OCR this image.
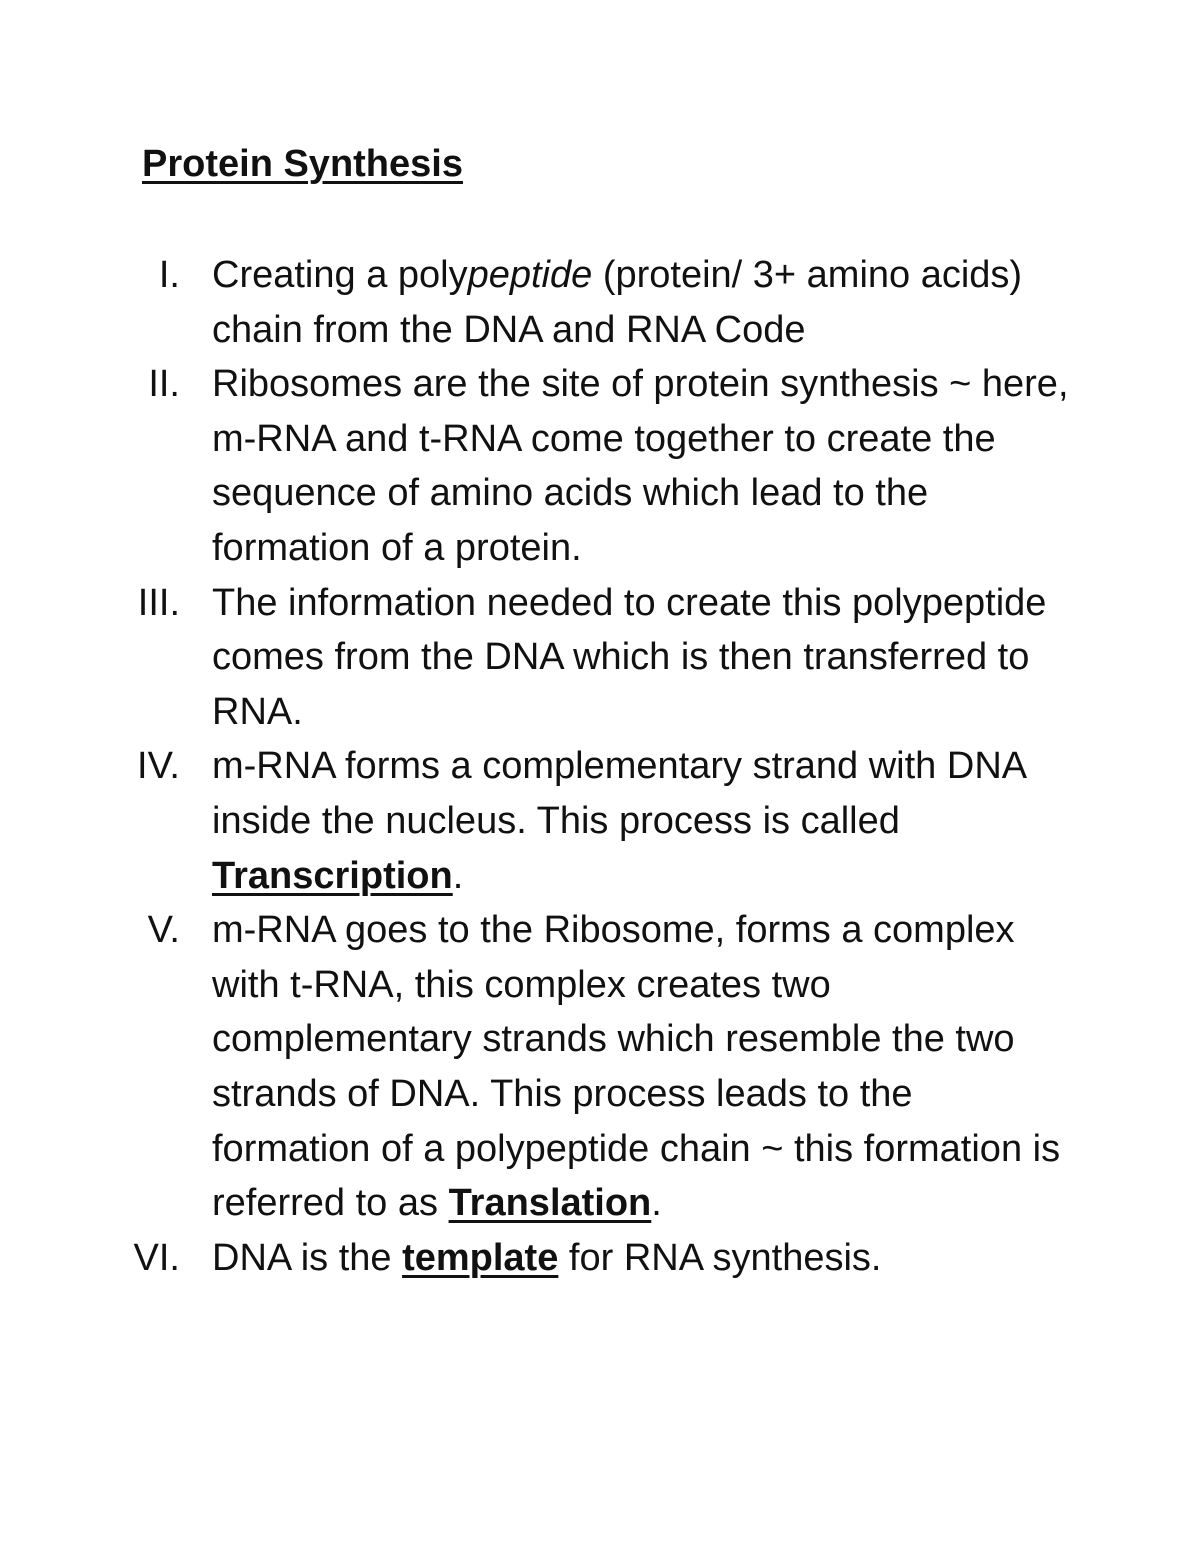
Protein Synthesis
I. Creating a polypeptide (protein/ 3+ amino acids) chain from the DNA and RNA Code
II. Ribosomes are the site of protein synthesis ~ here, m-RNA and t-RNA come together to create the sequence of amino acids which lead to the formation of a protein.
III. The information needed to create this polypeptide comes from the DNA which is then transferred to RNA.
IV. m-RNA forms a complementary strand with DNA inside the nucleus. This process is called Transcription.
V. m-RNA goes to the Ribosome, forms a complex with t-RNA, this complex creates two complementary strands which resemble the two strands of DNA. This process leads to the formation of a polypeptide chain ~ this formation is referred to as Translation.
VI. DNA is the template for RNA synthesis.
